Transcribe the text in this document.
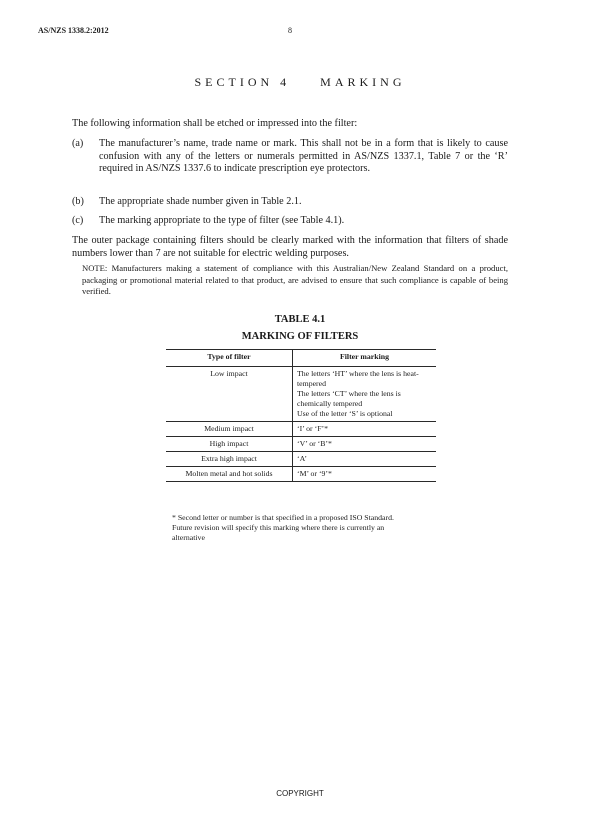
AS/NZS 1338.2:2012	8
SECTION 4	MARKING
The following information shall be etched or impressed into the filter:
(a)	The manufacturer’s name, trade name or mark. This shall not be in a form that is likely to cause confusion with any of the letters or numerals permitted in AS/NZS 1337.1, Table 7 or the ‘R’ required in AS/NZS 1337.6 to indicate prescription eye protectors.
(b)	The appropriate shade number given in Table 2.1.
(c)	The marking appropriate to the type of filter (see Table 4.1).
The outer package containing filters should be clearly marked with the information that filters of shade numbers lower than 7 are not suitable for electric welding purposes.
NOTE: Manufacturers making a statement of compliance with this Australian/New Zealand Standard on a product, packaging or promotional material related to that product, are advised to ensure that such compliance is capable of being verified.
TABLE 4.1
MARKING OF FILTERS
Type of filter	Filter marking
Low impact	The letters ‘HT’ where the lens is heat-tempered
The letters ‘CT’ where the lens is chemically tempered
Use of the letter ‘S’ is optional

Medium impact	‘I’ or ‘F’*
High impact	‘V’ or ‘B’*
Extra high impact	‘A’
Molten metal and hot solids	‘M’ or ‘9’*
* Second letter or number is that specified in a proposed ISO Standard. Future revision will specify this marking where there is currently an alternative
COPYRIGHT
